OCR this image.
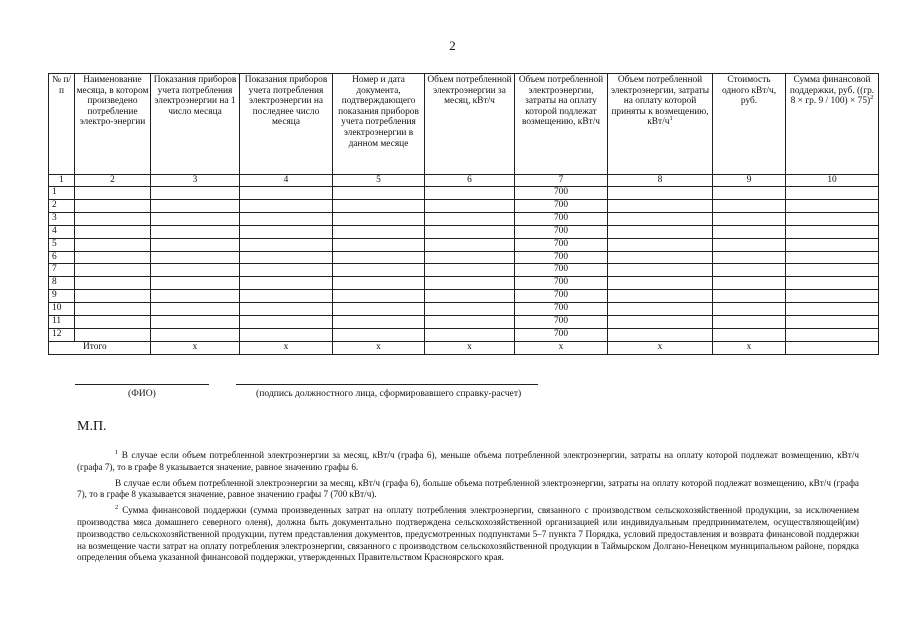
2
№ п/п	Наименование месяца, в котором произведено потребление электро-энергии	Показания приборов учета потребления электроэнергии на 1 число месяца	Показания приборов учета потребления электроэнергии на последнее число месяца	Номер и дата документа, подтверждающего показания приборов учета потребления электроэнергии в данном месяце	Объем потребленной электроэнергии за месяц, кВт/ч	Объем потребленной электроэнергии, затраты на оплату которой подлежат возмещению, кВт/ч	Объем потребленной электроэнергии, затраты на оплату которой приняты к возмещению, кВт/$ч^1$	Стоимость одного кВт/ч, руб.	Сумма финансовой поддержки, руб. ((гр. 8 × гр. 9 / 100) × 75)$^2$
1	2	3	4	5	6	7	8	9	10
1						700			
2						700			
3						700			
4						700			
5						700			
6						700			
7						700			
8						700			
9						700			
10						700			
11						700			
12						700			
Итого		x	x	x	x	x	x	x	
(ФИО)	(подпись должностного лица, сформировавшего справку-расчет)
М.П.

$^1$ В случае если объем потребленной электроэнергии за месяц, кВт/ч (графа 6), меньше объема потребленной электроэнергии, затраты на оплату которой подлежат возмещению, кВт/ч (графа 7), то в графе 8 указывается значение, равное значению графы 6.

В случае если объем потребленной электроэнергии за месяц, кВт/ч (графа 6), больше объема потребленной электроэнергии, затраты на оплату которой подлежат возмещению, кВт/ч (графа 7), то в графе 8 указывается значение, равное значению графы 7 (700 кВт/ч).

$^2$ Сумма финансовой поддержки (сумма произведенных затрат на оплату потребления электроэнергии, связанного с производством сельскохозяйственной продукции, за исключением производства мяса домашнего северного оленя), должна быть документально подтверждена сельскохозяйственной организацией или индивидуальным предпринимателем, осуществляющей(им) производство сельскохозяйственной продукции, путем представления документов, предусмотренных подпунктами 5–7 пункта 7 Порядка, условий предоставления и возврата финансовой поддержки на возмещение части затрат на оплату потребления электроэнергии, связанного с производством сельскохозяйственной продукции в Таймырском Долгано-Ненецком муниципальном районе, порядка определения объема указанной финансовой поддержки, утвержденных Правительством Красноярского края.
